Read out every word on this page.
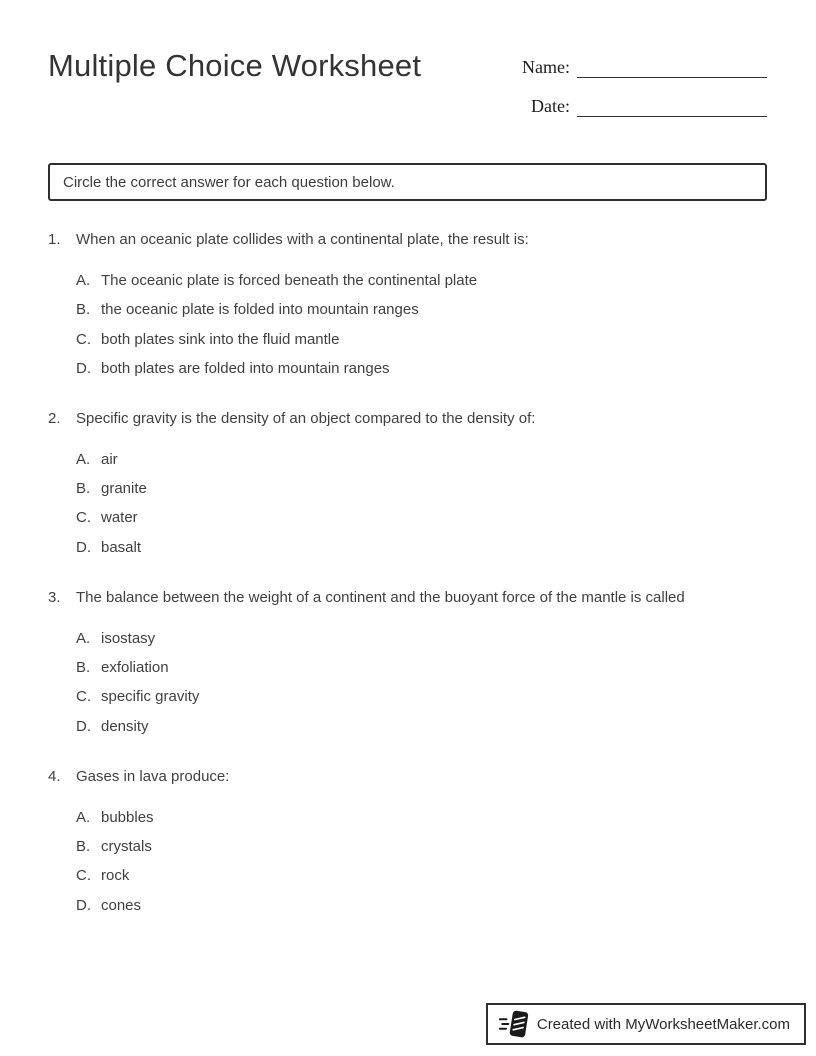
Multiple Choice Worksheet	Name:
Date:
Circle the correct answer for each question below.
1.	When an oceanic plate collides with a continental plate, the result is:
A. The oceanic plate is forced beneath the continental plate
B. the oceanic plate is folded into mountain ranges
C. both plates sink into the fluid mantle
D. both plates are folded into mountain ranges
2.	Specific gravity is the density of an object compared to the density of:
A. air
B. granite
C. water
D. basalt
3.	The balance between the weight of a continent and the buoyant force of the mantle is called
A. isostasy
B. exfoliation
C. specific gravity
D. density
4.	Gases in lava produce:
A. bubbles
B. crystals
C. rock
D. cones
Created with MyWorksheetMaker.com
